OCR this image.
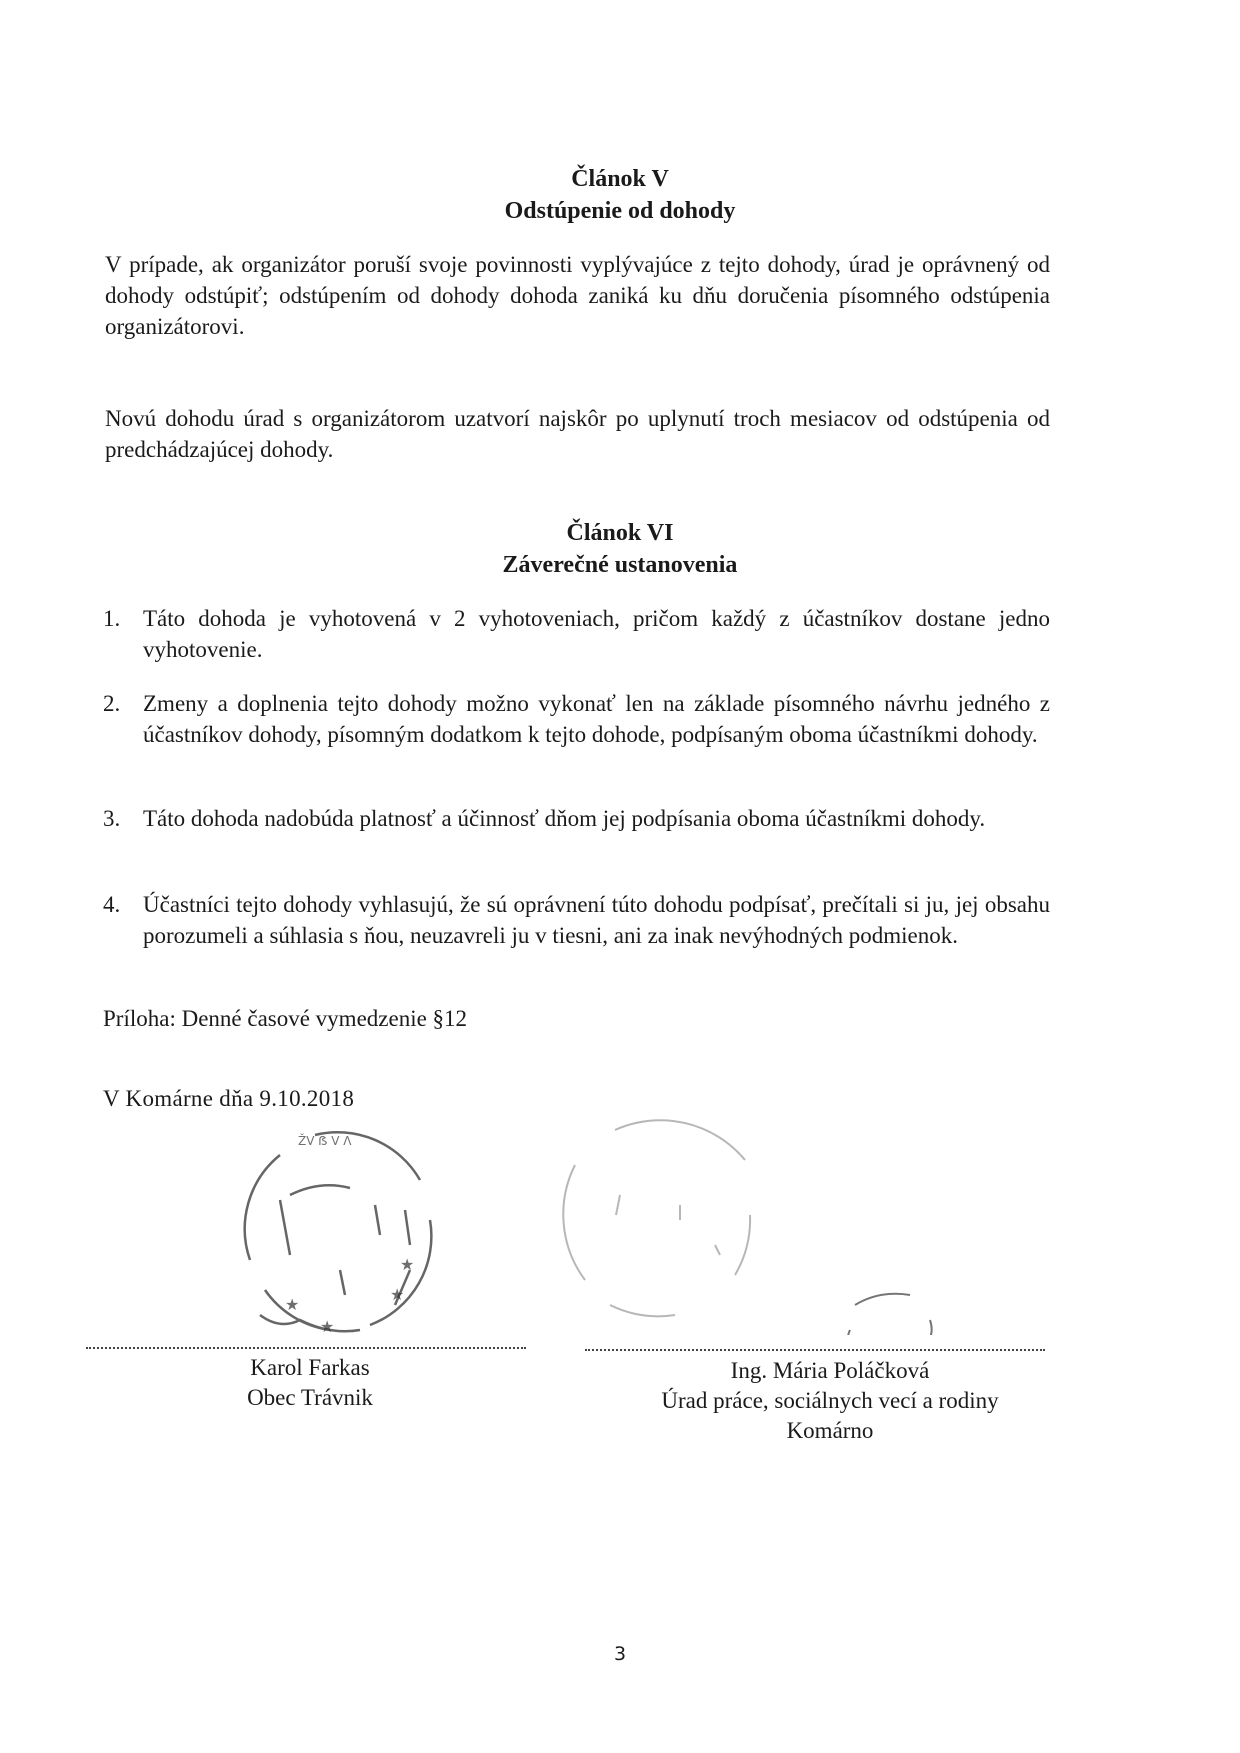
Článok V
Odstúpenie od dohody
V prípade, ak organizátor poruší svoje povinnosti vyplývajúce z tejto dohody, úrad je oprávnený od dohody odstúpiť; odstúpením od dohody dohoda zaniká ku dňu doručenia písomného odstúpenia organizátorovi.
Novú dohodu úrad s organizátorom uzatvorí najskôr po uplynutí troch mesiacov od odstúpenia od predchádzajúcej dohody.
Článok VI
Záverečné ustanovenia
1. Táto dohoda je vyhotovená v 2 vyhotoveniach, pričom každý z účastníkov dostane jedno vyhotovenie.
2. Zmeny a doplnenia tejto dohody možno vykonať len na základe písomného návrhu jedného z účastníkov dohody, písomným dodatkom k tejto dohode, podpísaným oboma účastníkmi dohody.
3. Táto dohoda nadobúda platnosť a účinnosť dňom jej podpísania oboma účastníkmi dohody.
4. Účastníci tejto dohody vyhlasujú, že sú oprávnení túto dohodu podpísať, prečítali si ju, jej obsahu porozumeli a súhlasia s ňou, neuzavreli ju v tiesni, ani za inak nevýhodných podmienok.
Príloha: Denné časové vymedzenie §12
V Komárne dňa 9.10.2018
★
★
★
★
ŽV ẞ V Λ
Karol Farkas
Obec Trávnik
Ing. Mária Poláčková
Úrad práce, sociálnych vecí a rodiny
Komárno
3
